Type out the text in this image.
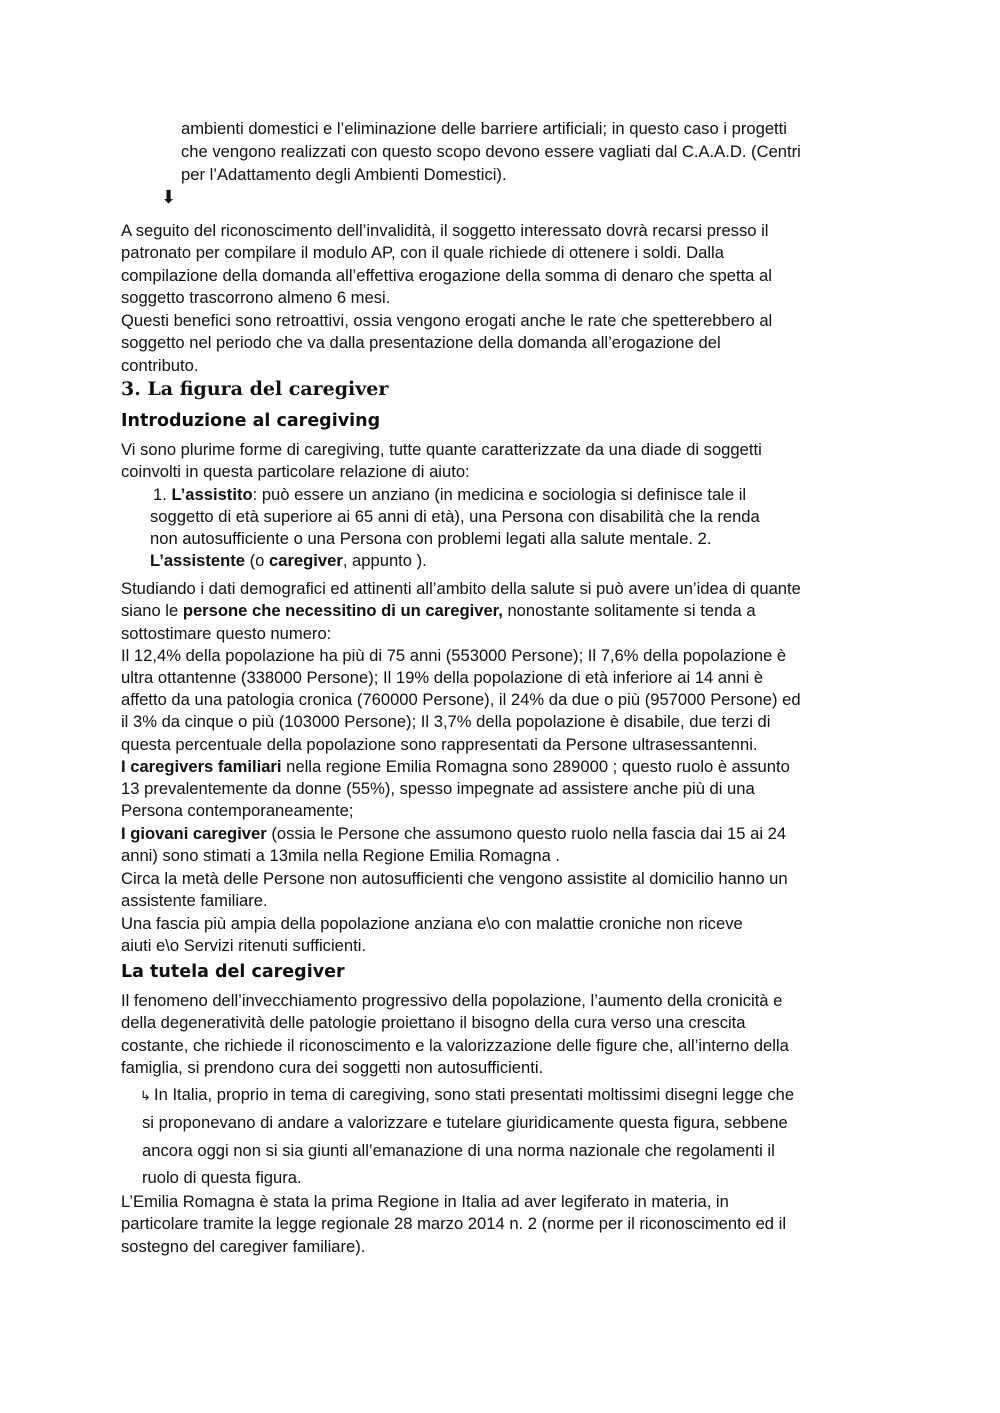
ambienti domestici e l’eliminazione delle barriere artificiali; in questo caso i progetti

che vengono realizzati con questo scopo devono essere vagliati dal C.A.A.D. (Centri

per l’Adattamento degli Ambienti Domestici).

⬇

A seguito del riconoscimento dell’invalidità, il soggetto interessato dovrà recarsi presso il

patronato per compilare il modulo AP, con il quale richiede di ottenere i soldi. Dalla

compilazione della domanda all’effettiva erogazione della somma di denaro che spetta al

soggetto trascorrono almeno 6 mesi.

Questi benefici sono retroattivi, ossia vengono erogati anche le rate che spetterebbero al

soggetto nel periodo che va dalla presentazione della domanda all’erogazione del

contributo.

3. La figura del caregiver
Introduzione al caregiving

Vi sono plurime forme di caregiving, tutte quante caratterizzate da una diade di soggetti

coinvolti in questa particolare relazione di aiuto:

1. L’assistito: può essere un anziano (in medicina e sociologia si definisce tale il

soggetto di età superiore ai 65 anni di età), una Persona con disabilità che la renda

non autosufficiente o una Persona con problemi legati alla salute mentale. 2.

L’assistente (o caregiver, appunto ).

Studiando i dati demografici ed attinenti all’ambito della salute si può avere un’idea di quante

siano le persone che necessitino di un caregiver, nonostante solitamente si tenda a

sottostimare questo numero:

Il 12,4% della popolazione ha più di 75 anni (553000 Persone); Il 7,6% della popolazione è

ultra ottantenne (338000 Persone); Il 19% della popolazione di età inferiore ai 14 anni è

affetto da una patologia cronica (760000 Persone), il 24% da due o più (957000 Persone) ed

il 3% da cinque o più (103000 Persone); Il 3,7% della popolazione è disabile, due terzi di

questa percentuale della popolazione sono rappresentati da Persone ultrasessantenni.

I caregivers familiari nella regione Emilia Romagna sono 289000 ; questo ruolo è assunto

13 prevalentemente da donne (55%), spesso impegnate ad assistere anche più di una

Persona contemporaneamente;

I giovani caregiver (ossia le Persone che assumono questo ruolo nella fascia dai 15 ai 24

anni) sono stimati a 13mila nella Regione Emilia Romagna .

Circa la metà delle Persone non autosufficienti che vengono assistite al domicilio hanno un

assistente familiare.

Una fascia più ampia della popolazione anziana e\o con malattie croniche non riceve

aiuti e\o Servizi ritenuti sufficienti.

La tutela del caregiver

Il fenomeno dell’invecchiamento progressivo della popolazione, l’aumento della cronicità e

della degeneratività delle patologie proiettano il bisogno della cura verso una crescita

costante, che richiede il riconoscimento e la valorizzazione delle figure che, all’interno della

famiglia, si prendono cura dei soggetti non autosufficienti.

↳ In Italia, proprio in tema di caregiving, sono stati presentati moltissimi disegni legge che

si proponevano di andare a valorizzare e tutelare giuridicamente questa figura, sebbene

ancora oggi non si sia giunti all’emanazione di una norma nazionale che regolamenti il

ruolo di questa figura.

L’Emilia Romagna è stata la prima Regione in Italia ad aver legiferato in materia, in

particolare tramite la legge regionale 28 marzo 2014 n. 2 (norme per il riconoscimento ed il

sostegno del caregiver familiare).
